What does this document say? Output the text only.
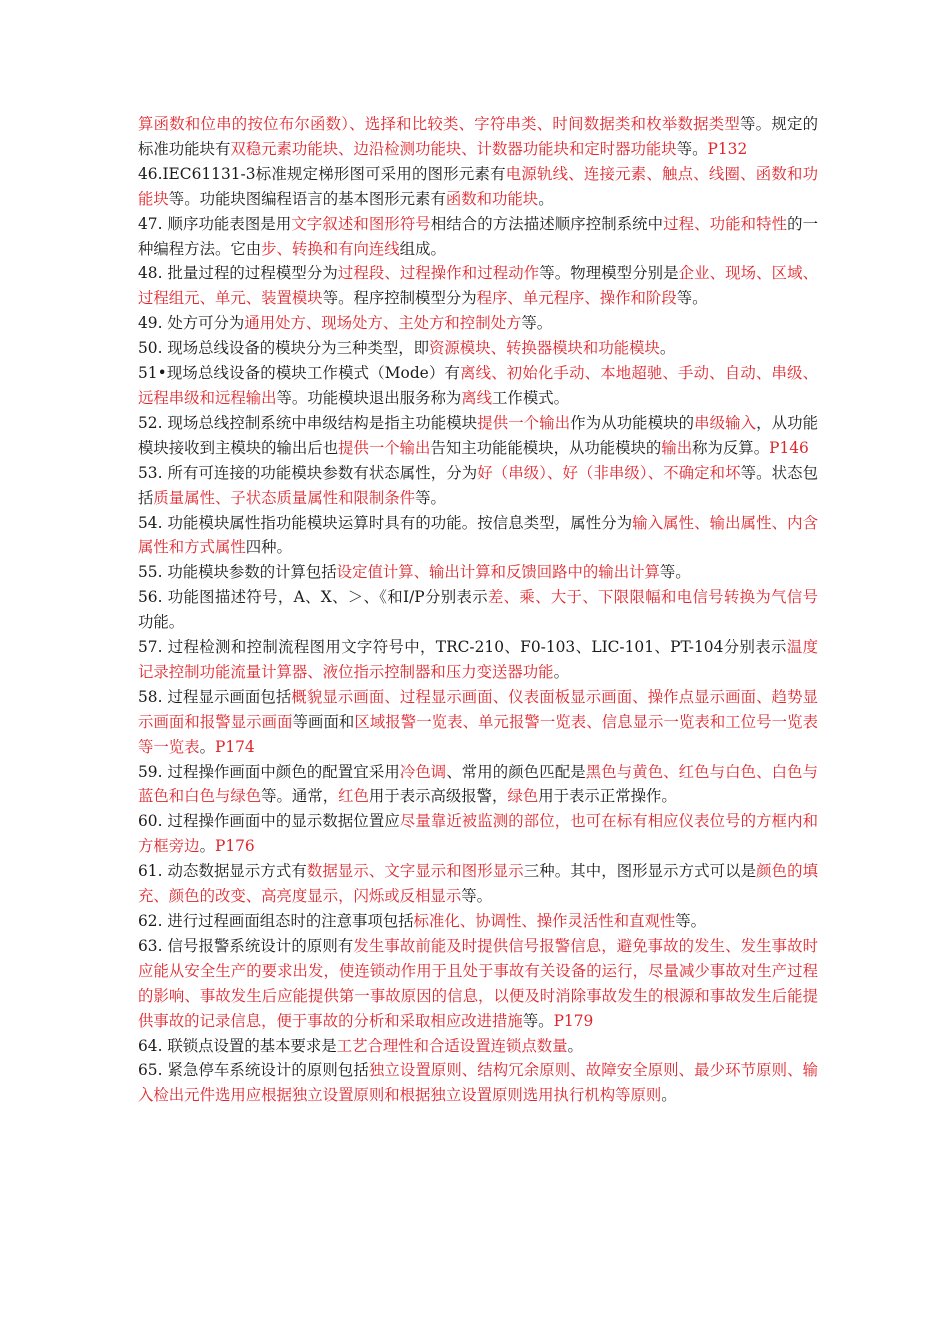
算函数和位串的按位布尔函数）、选择和比较类、字符串类、时间数据类和枚举数据类型等。规定的标准功能块有双稳元素功能块、边沿检测功能块、计数器功能块和定时器功能块等。P132

46.IEC61131-3标准规定梯形图可采用的图形元素有电源轨线、连接元素、触点、线圈、函数和功能块等。功能块图编程语言的基本图形元素有函数和功能块。

47. 顺序功能表图是用文字叙述和图形符号相结合的方法描述顺序控制系统中过程、功能和特性的一种编程方法。它由步、转换和有向连线组成。

48. 批量过程的过程模型分为过程段、过程操作和过程动作等。物理模型分别是企业、现场、区域、过程组元、单元、装置模块等。程序控制模型分为程序、单元程序、操作和阶段等。

49. 处方可分为通用处方、现场处方、主处方和控制处方等。

50. 现场总线设备的模块分为三种类型，即资源模块、转换器模块和功能模块。

51•现场总线设备的模块工作模式（Mode）有离线、初始化手动、本地超驰、手动、自动、串级、远程串级和远程输出等。功能模块退出服务称为离线工作模式。

52. 现场总线控制系统中串级结构是指主功能模块提供一个输出作为从功能模块的串级输入，从功能模块接收到主模块的输出后也提供一个输出告知主功能能模块，从功能模块的输出称为反算。P146

53. 所有可连接的功能模块参数有状态属性，分为好（串级）、好（非串级）、不确定和坏等。状态包括质量属性、子状态质量属性和限制条件等。

54. 功能模块属性指功能模块运算时具有的功能。按信息类型，属性分为输入属性、输出属性、内含属性和方式属性四种。

55. 功能模块参数的计算包括设定值计算、输出计算和反馈回路中的输出计算等。

56. 功能图描述符号，A、X、＞、《和I/P分别表示差、乘、大于、下限限幅和电信号转换为气信号功能。

57. 过程检测和控制流程图用文字符号中，TRC-210、F0-103、LIC-101、PT-104分别表示温度记录控制功能流量计算器、液位指示控制器和压力变送器功能。

58. 过程显示画面包括概貌显示画面、过程显示画面、仪表面板显示画面、操作点显示画面、趋势显示画面和报警显示画面等画面和区域报警一览表、单元报警一览表、信息显示一览表和工位号一览表等一览表。P174

59. 过程操作画面中颜色的配置宜采用冷色调、常用的颜色匹配是黑色与黄色、红色与白色、白色与蓝色和白色与绿色等。通常，红色用于表示高级报警，绿色用于表示正常操作。

60. 过程操作画面中的显示数据位置应尽量靠近被监测的部位，也可在标有相应仪表位号的方框内和方框旁边。P176

61. 动态数据显示方式有数据显示、文字显示和图形显示三种。其中，图形显示方式可以是颜色的填充、颜色的改变、高亮度显示，闪烁或反相显示等。

62. 进行过程画面组态时的注意事项包括标准化、协调性、操作灵活性和直观性等。

63. 信号报警系统设计的原则有发生事故前能及时提供信号报警信息，避免事故的发生、发生事故时应能从安全生产的要求出发，使连锁动作用于且处于事故有关设备的运行，尽量减少事故对生产过程的影响、事故发生后应能提供第一事故原因的信息，以便及时消除事故发生的根源和事故发生后能提供事故的记录信息，便于事故的分析和采取相应改进措施等。P179

64. 联锁点设置的基本要求是工艺合理性和合适设置连锁点数量。

65. 紧急停车系统设计的原则包括独立设置原则、结构冗余原则、故障安全原则、最少环节原则、输入检出元件选用应根据独立设置原则和根据独立设置原则选用执行机构等原则。
